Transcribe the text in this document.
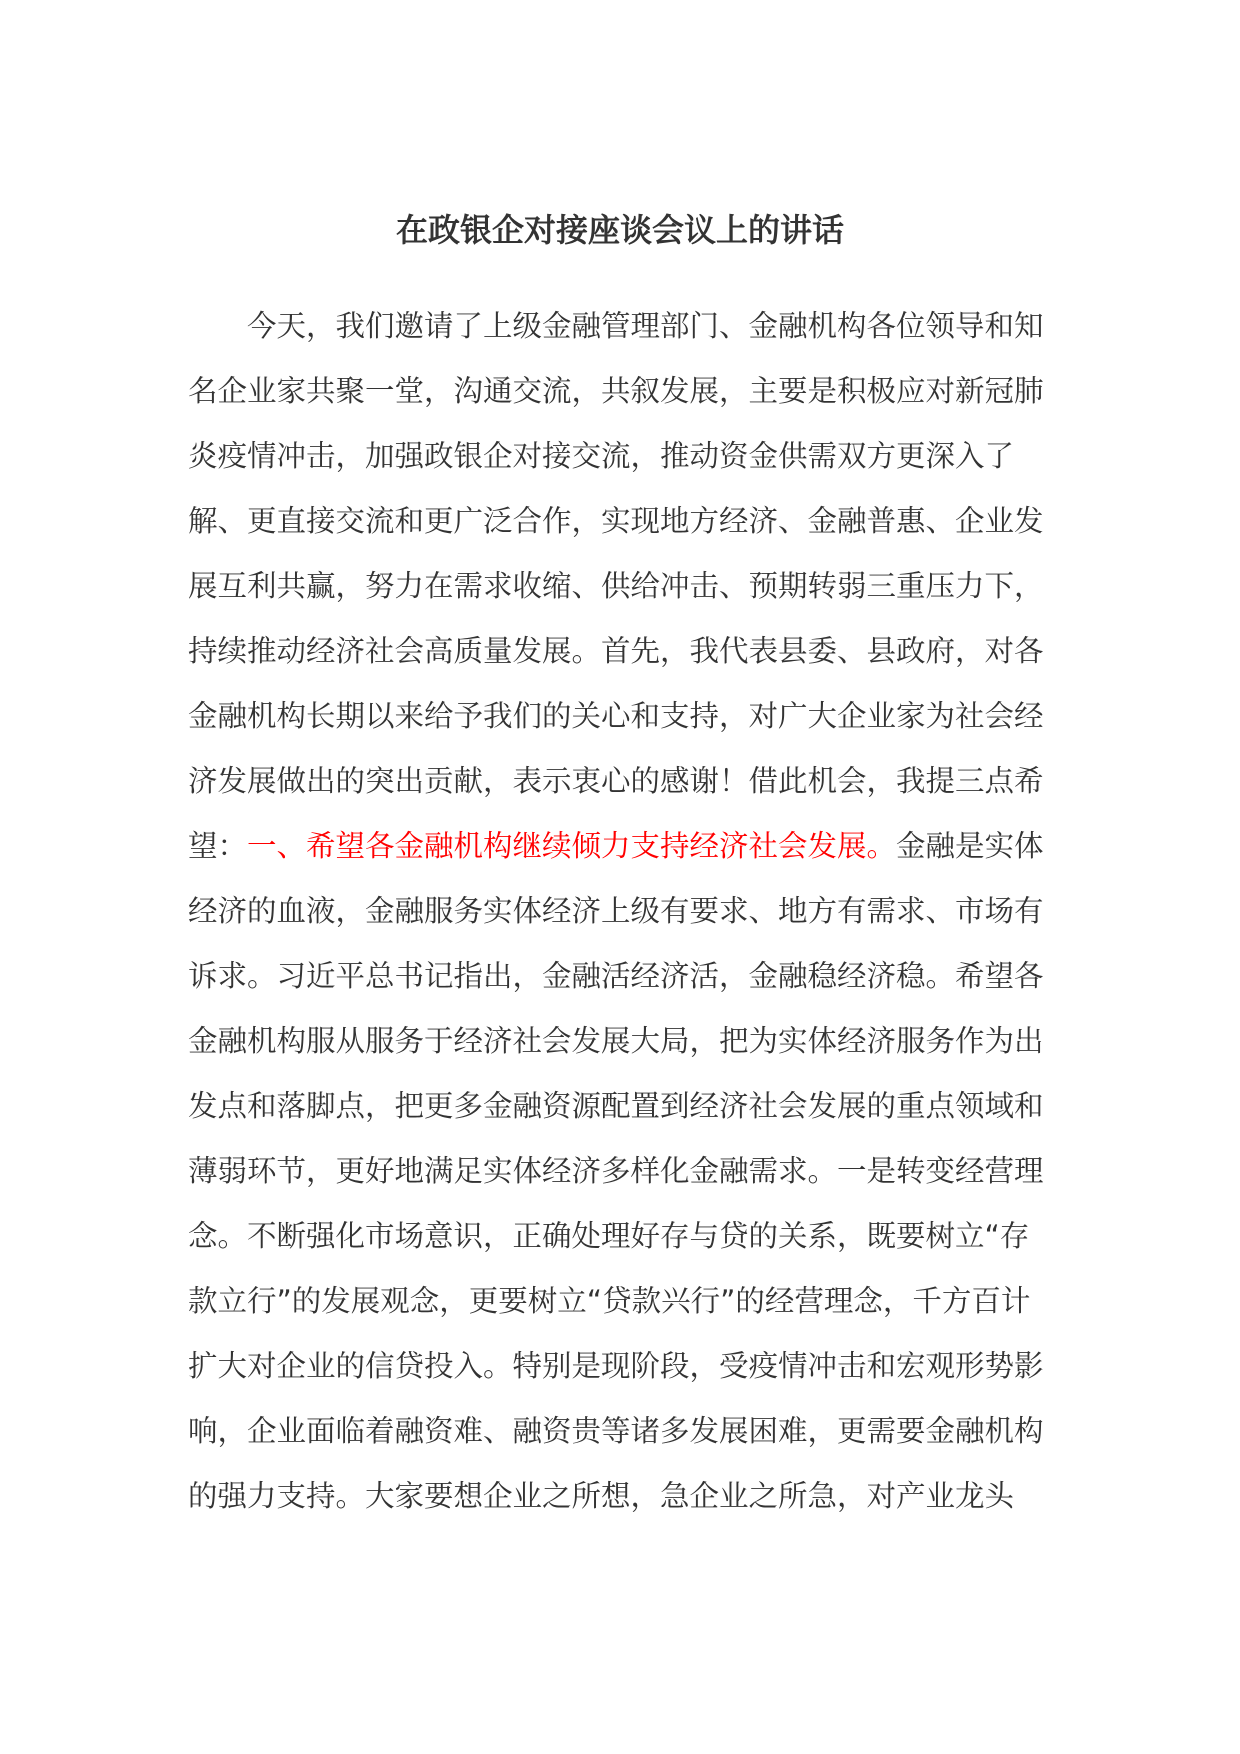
在政银企对接座谈会议上的讲话

今天，我们邀请了上级金融管理部门、金融机构各位领导和知名企业家共聚一堂，沟通交流，共叙发展，主要是积极应对新冠肺炎疫情冲击，加强政银企对接交流，推动资金供需双方更深入了解、更直接交流和更广泛合作，实现地方经济、金融普惠、企业发展互利共赢，努力在需求收缩、供给冲击、预期转弱三重压力下，持续推动经济社会高质量发展。首先，我代表县委、县政府，对各金融机构长期以来给予我们的关心和支持，对广大企业家为社会经济发展做出的突出贡献，表示衷心的感谢！借此机会，我提三点希望： 一、希望各金融机构继续倾力支持经济社会发展。金融是实体经济的血液，金融服务实体经济上级有要求、地方有需求、市场有诉求。习近平总书记指出，金融活经济活，金融稳经济稳。希望各金融机构服从服务于经济社会发展大局，把为实体经济服务作为出发点和落脚点，把更多金融资源配置到经济社会发展的重点领域和薄弱环节，更好地满足实体经济多样化金融需求。一是转变经营理念。不断强化市场意识，正确处理好存与贷的关系，既要树立“存款立行”的发展观念，更要树立“贷款兴行”的经营理念，千方百计扩大对企业的信贷投入。特别是现阶段，受疫情冲击和宏观形势影响，企业面临着融资难、融资贵等诸多发展困难，更需要金融机构的强力支持。大家要想企业之所想，急企业之所急，对产业龙头
